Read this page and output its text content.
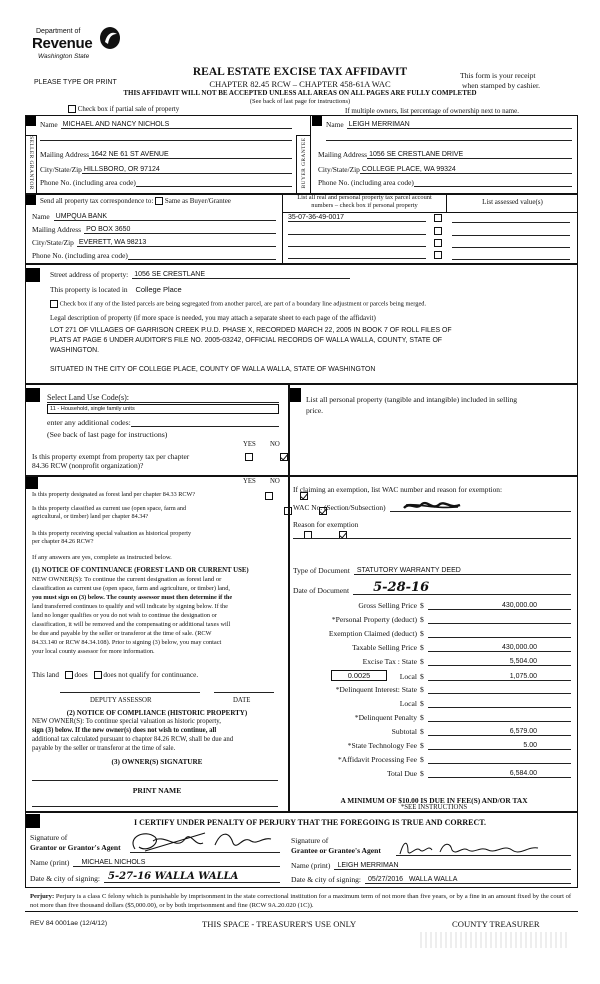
Department of
Revenue
Washington State
REAL ESTATE EXCISE TAX AFFIDAVIT
CHAPTER 82.45 RCW – CHAPTER 458-61A WAC
THIS AFFIDAVIT WILL NOT BE ACCEPTED UNLESS ALL AREAS ON ALL PAGES ARE FULLY COMPLETED
(See back of last page for instructions)
PLEASE TYPE OR PRINT
This form is your receipt
when stamped by cashier.
Check box if partial sale of property	If multiple owners, list percentage of ownership next to name.
SELLER GRANTOR	BUYER GRANTEE
Name MICHAEL AND NANCY NICHOLS
Mailing Address 1642 NE 61 ST AVENUE
City/State/Zip HILLSBORO, OR 97124
Phone No. (including area code)
Name LEIGH MERRIMAN
Mailing Address 1056 SE CRESTLANE DRIVE
City/State/Zip COLLEGE PLACE, WA 99324
Phone No. (including area code)
Send all property tax correspondence to: Same as Buyer/Grantee	List all real and personal property tax parcel account
numbers – check box if personal property	List assessed value(s)
Name UMPQUA BANK
Mailing Address PO BOX 3650
City/State/Zip EVERETT, WA 98213
Phone No. (including area code)
35-07-36-49-0017
Street address of property: 1056 SE CRESTLANE
This property is located in College Place
Check box if any of the listed parcels are being segregated from another parcel, are part of a boundary line adjustment or parcels being merged.
Legal description of property (if more space is needed, you may attach a separate sheet to each page of the affidavit)
LOT 271 OF VILLAGES OF GARRISON CREEK P.U.D. PHASE X, RECORDED MARCH 22, 2005 IN BOOK 7 OF ROLL FILES OF
PLATS AT PAGE 6 UNDER AUDITOR'S FILE NO. 2005-03242, OFFICIAL RECORDS OF WALLA WALLA, COUNTY, STATE OF
WASHINGTON.
SITUATED IN THE CITY OF COLLEGE PLACE, COUNTY OF WALLA WALLA, STATE OF WASHINGTON
Select Land Use Code(s):
11 - Household, single family units
enter any additional codes:
(See back of last page for instructions)
YES NO
Is this property exempt from property tax per chapter
84.36 RCW (nonprofit organization)?

List all personal property (tangible and intangible) included in selling
price.
YES NO
Is this property designated as forest land per chapter 84.33 RCW?

Is this property classified as current use (open space, farm and
agricultural, or timber) land per chapter 84.34?

Is this property receiving special valuation as historical property
per chapter 84.26 RCW?

If any answers are yes, complete as instructed below.
(1) NOTICE OF CONTINUANCE (FOREST LAND OR CURRENT USE)
NEW OWNER(S): To continue the current designation as forest land or
classification as current use (open space, farm and agriculture, or timber) land,
you must sign on (3) below. The county assessor must then determine if the
land transferred continues to qualify and will indicate by signing below. If the
land no longer qualifies or you do not wish to continue the designation or
classification, it will be removed and the compensating or additional taxes will
be due and payable by the seller or transferor at the time of sale. (RCW
84.33.140 or RCW 84.34.108). Prior to signing (3) below, you may contact
your local county assessor for more information.
This land does does not qualify for continuance.
DEPUTY ASSESSOR	DATE
(2) NOTICE OF COMPLIANCE (HISTORIC PROPERTY)
NEW OWNER(S): To continue special valuation as historic property,
sign (3) below. If the new owner(s) does not wish to continue, all
additional tax calculated pursuant to chapter 84.26 RCW, shall be due and
payable by the seller or transferor at the time of sale.
(3) OWNER(S) SIGNATURE
PRINT NAME
If claiming an exemption, list WAC number and reason for exemption:
WAC No. (Section/Subsection)
Reason for exemption
Type of Document	STATUTORY WARRANTY DEED
Date of Document	5-28-16
Gross Selling Price $	430,000.00
*Personal Property (deduct) $
Exemption Claimed (deduct) $
Taxable Selling Price $	430,000.00
Excise Tax : State $	5,504.00
0.0025	Local $	1,075.00
*Delinquent Interest: State $
Local $
*Delinquent Penalty $
Subtotal $	6,579.00
*State Technology Fee $	5.00
*Affidavit Processing Fee $
Total Due $	6,584.00
A MINIMUM OF $10.00 IS DUE IN FEE(S) AND/OR TAX
*SEE INSTRUCTIONS
I CERTIFY UNDER PENALTY OF PERJURY THAT THE FOREGOING IS TRUE AND CORRECT.
Signature of
Grantor or Grantor's Agent
Name (print)	MICHAEL NICHOLS
Date & city of signing: 5-27-16 WALLA WALLA
Signature of
Grantee or Grantee's Agent
Name (print)	LEIGH MERRIMAN
Date & city of signing:	05/27/2016   WALLA WALLA
Perjury: Perjury is a class C felony which is punishable by imprisonment in the state correctional institution for a maximum term of not more than five years, or by a fine in an amount fixed by the court of not more than five thousand dollars ($5,000.00), or by both imprisonment and fine (RCW 9A.20.020 (1C)).
REV 84 0001ae (12/4/12)	THIS SPACE - TREASURER'S USE ONLY	COUNTY TREASURER
